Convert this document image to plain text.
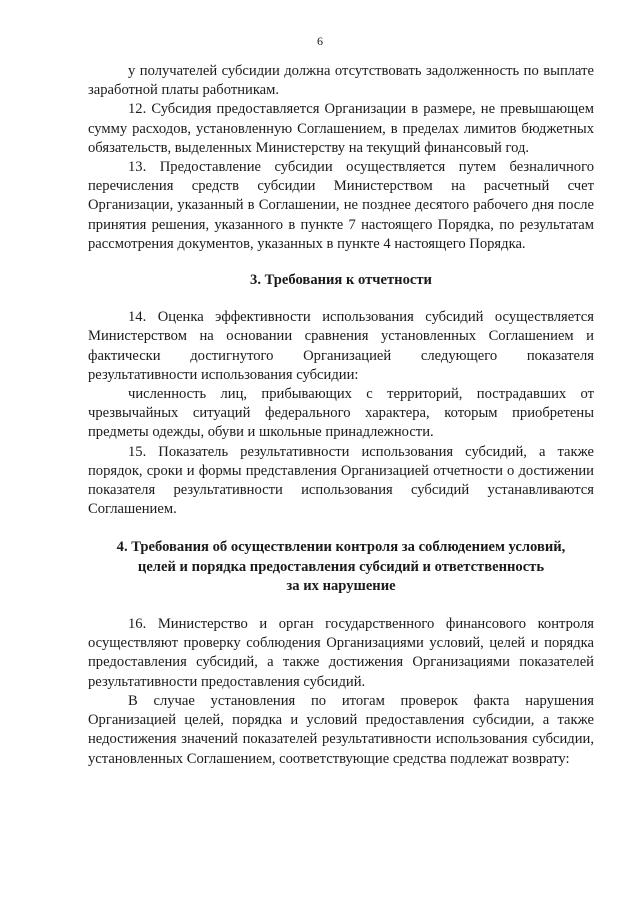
6

у получателей субсидии должна отсутствовать задолженность по выплате заработной платы работникам.

12. Субсидия предоставляется Организации в размере, не превышающем сумму расходов, установленную Соглашением, в пределах лимитов бюджетных обязательств, выделенных Министерству на текущий финансовый год.

13. Предоставление субсидии осуществляется путем безналичного перечисления средств субсидии Министерством на расчетный счет Организации, указанный в Соглашении, не позднее десятого рабочего дня после принятия решения, указанного в пункте 7 настоящего Порядка, по результатам рассмотрения документов, указанных в пункте 4 настоящего Порядка.

3. Требования к отчетности

14. Оценка эффективности использования субсидий осуществляется Министерством на основании сравнения установленных Соглашением и фактически достигнутого Организацией следующего показателя результативности использования субсидии:

численность лиц, прибывающих с территорий, пострадавших от чрезвычайных ситуаций федерального характера, которым приобретены предметы одежды, обуви и школьные принадлежности.

15. Показатель результативности использования субсидий, а также порядок, сроки и формы представления Организацией отчетности о достижении показателя результативности использования субсидий устанавливаются Соглашением.

4. Требования об осуществлении контроля за соблюдением условий,

целей и порядка предоставления субсидий и ответственность

за их нарушение

16. Министерство и орган государственного финансового контроля осуществляют проверку соблюдения Организациями условий, целей и порядка предоставления субсидий, а также достижения Организациями показателей результативности предоставления субсидий.

В случае установления по итогам проверок факта нарушения Организацией целей, порядка и условий предоставления субсидии, а также недостижения значений показателей результативности использования субсидии, установленных Соглашением, соответствующие средства подлежат возврату:
